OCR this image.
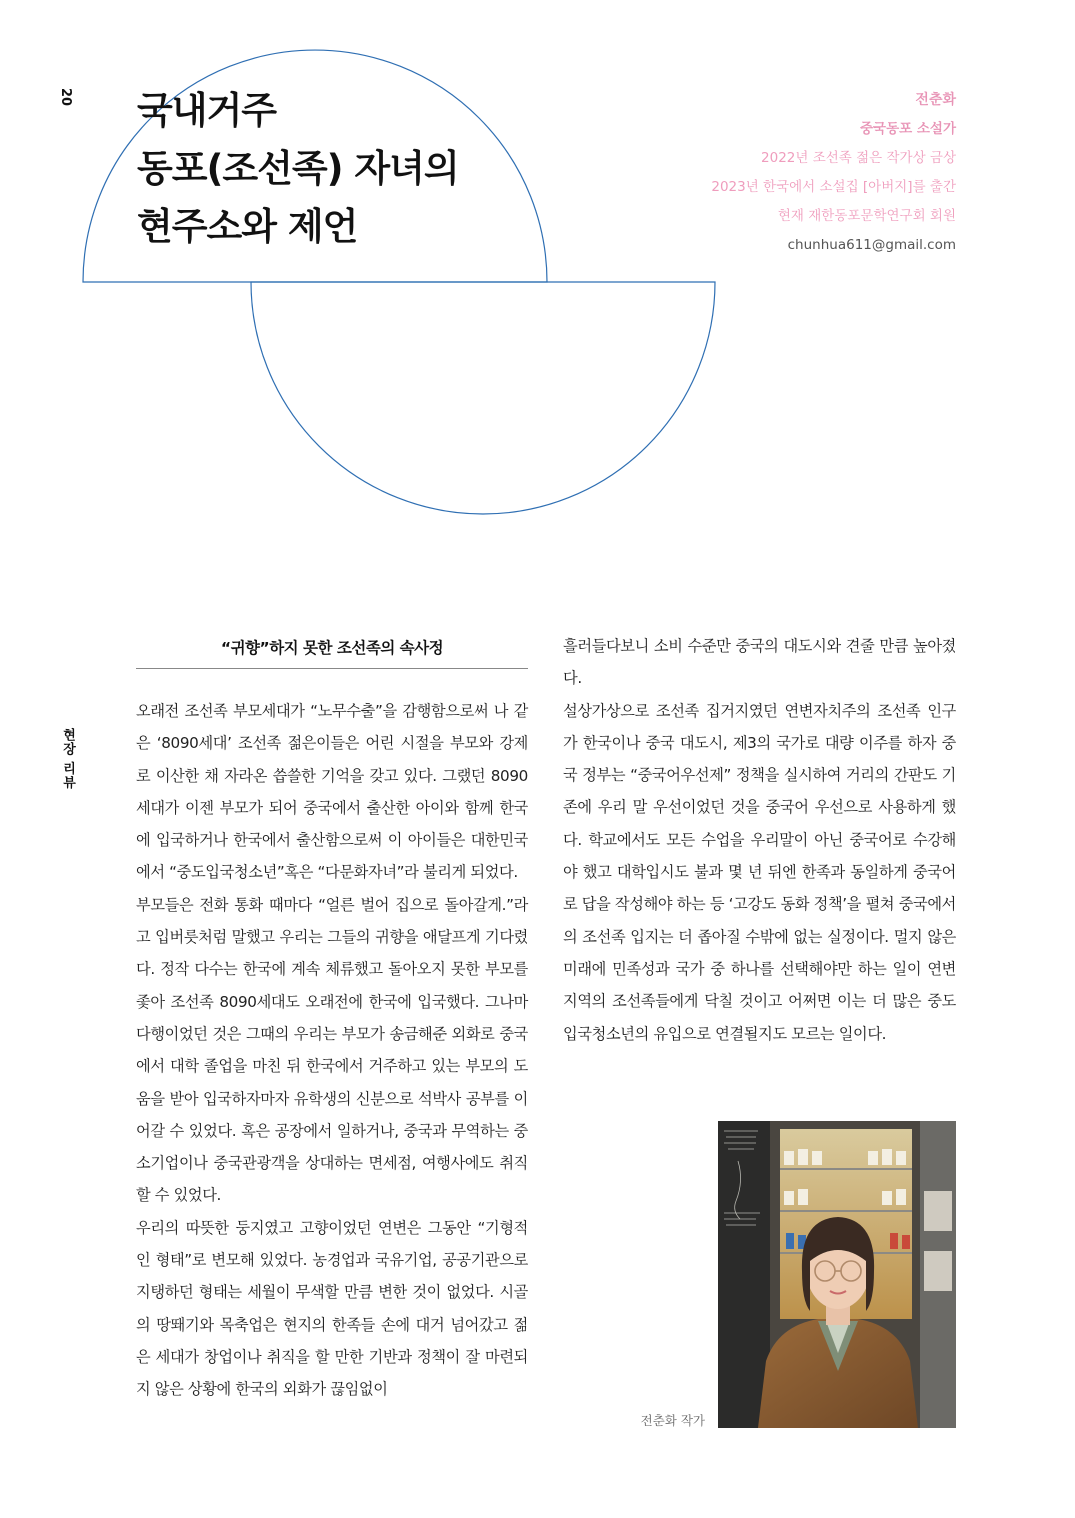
20
현장 리뷰
국내거주
동포(조선족) 자녀의
현주소와 제언
전춘화
중국동포 소설가
2022년 조선족 젊은 작가상 금상
2023년 한국에서 소설집 [아버지]를 출간
현재 재한동포문학연구회 회원
chunhua611@gmail.com
“귀향”하지 못한 조선족의 속사정

오래전 조선족 부모세대가 “노무수출”을 감행함으로써 나 같은 ‘8090세대’ 조선족 젊은이들은 어린 시절을 부모와 강제로 이산한 채 자라온 씁쓸한 기억을 갖고 있다. 그랬던 8090세대가 이젠 부모가 되어 중국에서 출산한 아이와 함께 한국에 입국하거나 한국에서 출산함으로써 이 아이들은 대한민국에서 “중도입국청소년”혹은 “다문화자녀”라 불리게 되었다.

부모들은 전화 통화 때마다 “얼른 벌어 집으로 돌아갈게.”라고 입버릇처럼 말했고 우리는 그들의 귀향을 애달프게 기다렸다. 정작 다수는 한국에 계속 체류했고 돌아오지 못한 부모를 좇아 조선족 8090세대도 오래전에 한국에 입국했다. 그나마 다행이었던 것은 그때의 우리는 부모가 송금해준 외화로 중국에서 대학 졸업을 마친 뒤 한국에서 거주하고 있는 부모의 도움을 받아 입국하자마자 유학생의 신분으로 석박사 공부를 이어갈 수 있었다. 혹은 공장에서 일하거나, 중국과 무역하는 중소기업이나 중국관광객을 상대하는 면세점, 여행사에도 취직할 수 있었다.

우리의 따뜻한 둥지였고 고향이었던 연변은 그동안 “기형적인 형태”로 변모해 있었다. 농경업과 국유기업, 공공기관으로 지탱하던 형태는 세월이 무색할 만큼 변한 것이 없었다. 시골의 땅뙈기와 목축업은 현지의 한족들 손에 대거 넘어갔고 젊은 세대가 창업이나 취직을 할 만한 기반과 정책이 잘 마련되지 않은 상황에 한국의 외화가 끊임없이

흘러들다보니 소비 수준만 중국의 대도시와 견줄 만큼 높아졌다.

설상가상으로 조선족 집거지였던 연변자치주의 조선족 인구가 한국이나 중국 대도시, 제3의 국가로 대량 이주를 하자 중국 정부는 “중국어우선제” 정책을 실시하여 거리의 간판도 기존에 우리 말 우선이었던 것을 중국어 우선으로 사용하게 했다. 학교에서도 모든 수업을 우리말이 아닌 중국어로 수강해야 했고 대학입시도 불과 몇 년 뒤엔 한족과 동일하게 중국어로 답을 작성해야 하는 등 ‘고강도 동화 정책’을 펼쳐 중국에서의 조선족 입지는 더 좁아질 수밖에 없는 실정이다. 멀지 않은 미래에 민족성과 국가 중 하나를 선택해야만 하는 일이 연변 지역의 조선족들에게 닥칠 것이고 어쩌면 이는 더 많은 중도입국청소년의 유입으로 연결될지도 모르는 일이다.

전춘화 작가
